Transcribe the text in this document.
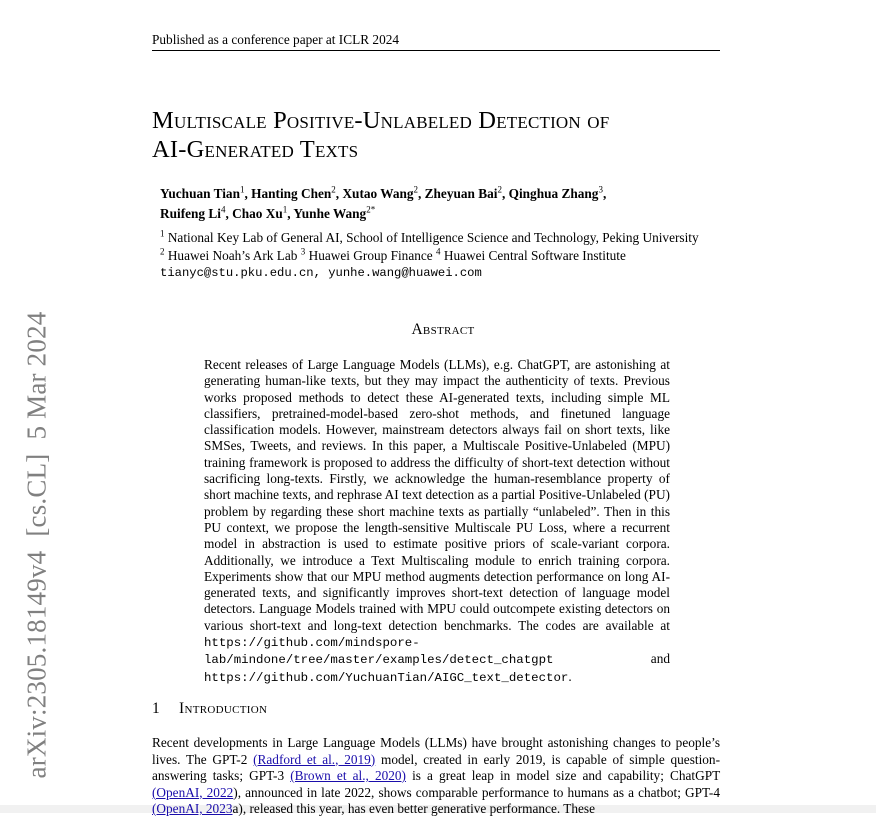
arXiv:2305.18149v4[cs.CL]5 Mar 2024
Published as a conference paper at ICLR 2024
Multiscale Positive-Unlabeled Detection of
AI-Generated Texts
Yuchuan Tian$^1$, Hanting Chen$^2$, Xutao Wang$^2$, Zheyuan Bai$^2$, Qinghua Zhang$^3$,
Ruifeng Li$^4$, Chao Xu$^1$, Yunhe Wang$^{2*}$
$^1$ National Key Lab of General AI, School of Intelligence Science and Technology, Peking University
$^2$ Huawei Noah’s Ark Lab $^3$ Huawei Group Finance $^4$ Huawei Central Software Institute
tianyc@stu.pku.edu.cn, yunhe.wang@huawei.com
Abstract
Recent releases of Large Language Models (LLMs), e.g. ChatGPT, are astonishing at generating human-like texts, but they may impact the authenticity of texts. Previous works proposed methods to detect these AI-generated texts, including simple ML classifiers, pretrained-model-based zero-shot methods, and finetuned language classification models. However, mainstream detectors always fail on short texts, like SMSes, Tweets, and reviews. In this paper, a Multiscale Positive-Unlabeled (MPU) training framework is proposed to address the difficulty of short-text detection without sacrificing long-texts. Firstly, we acknowledge the human-resemblance property of short machine texts, and rephrase AI text detection as a partial Positive-Unlabeled (PU) problem by regarding these short machine texts as partially “unlabeled”. Then in this PU context, we propose the length-sensitive Multiscale PU Loss, where a recurrent model in abstraction is used to estimate positive priors of scale-variant corpora. Additionally, we introduce a Text Multiscaling module to enrich training corpora. Experiments show that our MPU method augments detection performance on long AI-generated texts, and significantly improves short-text detection of language model detectors. Language Models trained with MPU could outcompete existing detectors on various short-text and long-text detection benchmarks. The codes are available at https://github.com/mindspore-lab/mindone/tree/master/examples/detect_chatgpt	and https://github.com/YuchuanTian/AIGC_text_detector.
1 Introduction
Recent developments in Large Language Models (LLMs) have brought astonishing changes to people’s lives. The GPT-2 (Radford et al., 2019) model, created in early 2019, is capable of simple question-answering tasks; GPT-3 (Brown et al., 2020) is a great leap in model size and capability; ChatGPT (OpenAI, 2022), announced in late 2022, shows comparable performance to humans as a chatbot; GPT-4 (OpenAI, 2023a), released this year, has even better generative performance. These
